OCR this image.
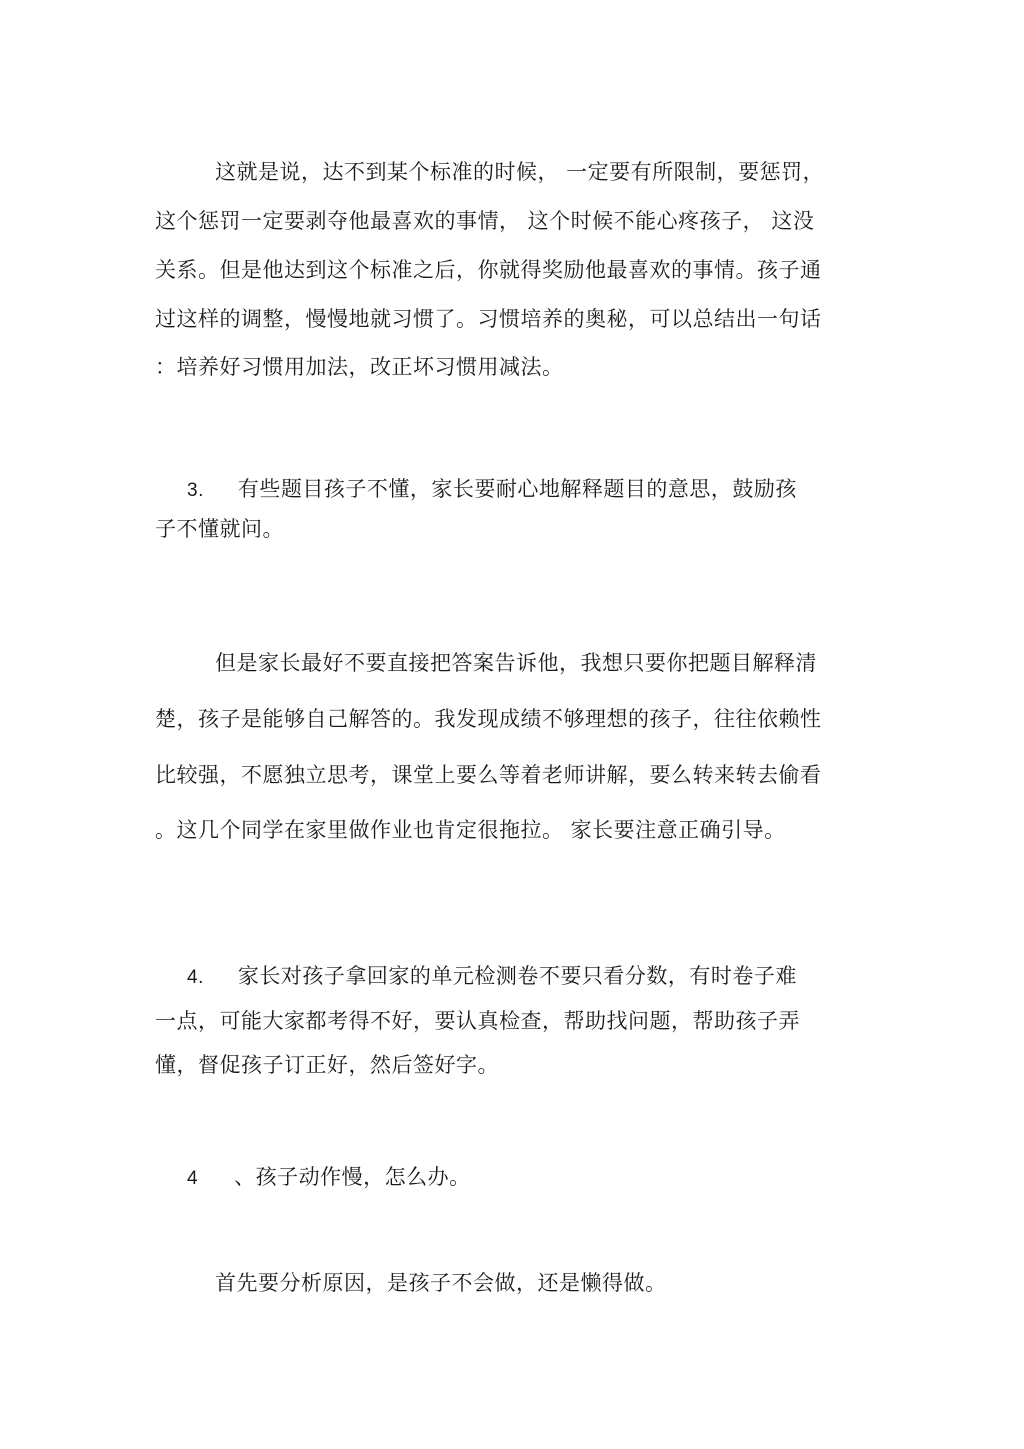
这就是说，达不到某个标准的时候， 一定要有所限制，要惩罚，
这个惩罚一定要剥夺他最喜欢的事情， 这个时候不能心疼孩子， 这没
关系。但是他达到这个标准之后，你就得奖励他最喜欢的事情。孩子通
过这样的调整，慢慢地就习惯了。习惯培养的奥秘，可以总结出一句话
：培养好习惯用加法，改正坏习惯用减法。
3. 有些题目孩子不懂，家长要耐心地解释题目的意思，鼓励孩
子不懂就问。
但是家长最好不要直接把答案告诉他，我想只要你把题目解释清
楚，孩子是能够自己解答的。我发现成绩不够理想的孩子，往往依赖性
比较强，不愿独立思考，课堂上要么等着老师讲解，要么转来转去偷看
。这几个同学在家里做作业也肯定很拖拉。 家长要注意正确引导。
4. 家长对孩子拿回家的单元检测卷不要只看分数，有时卷子难
一点，可能大家都考得不好，要认真检查，帮助找问题，帮助孩子弄
懂，督促孩子订正好，然后签好字。
4 、孩子动作慢，怎么办。
首先要分析原因，是孩子不会做，还是懒得做。
